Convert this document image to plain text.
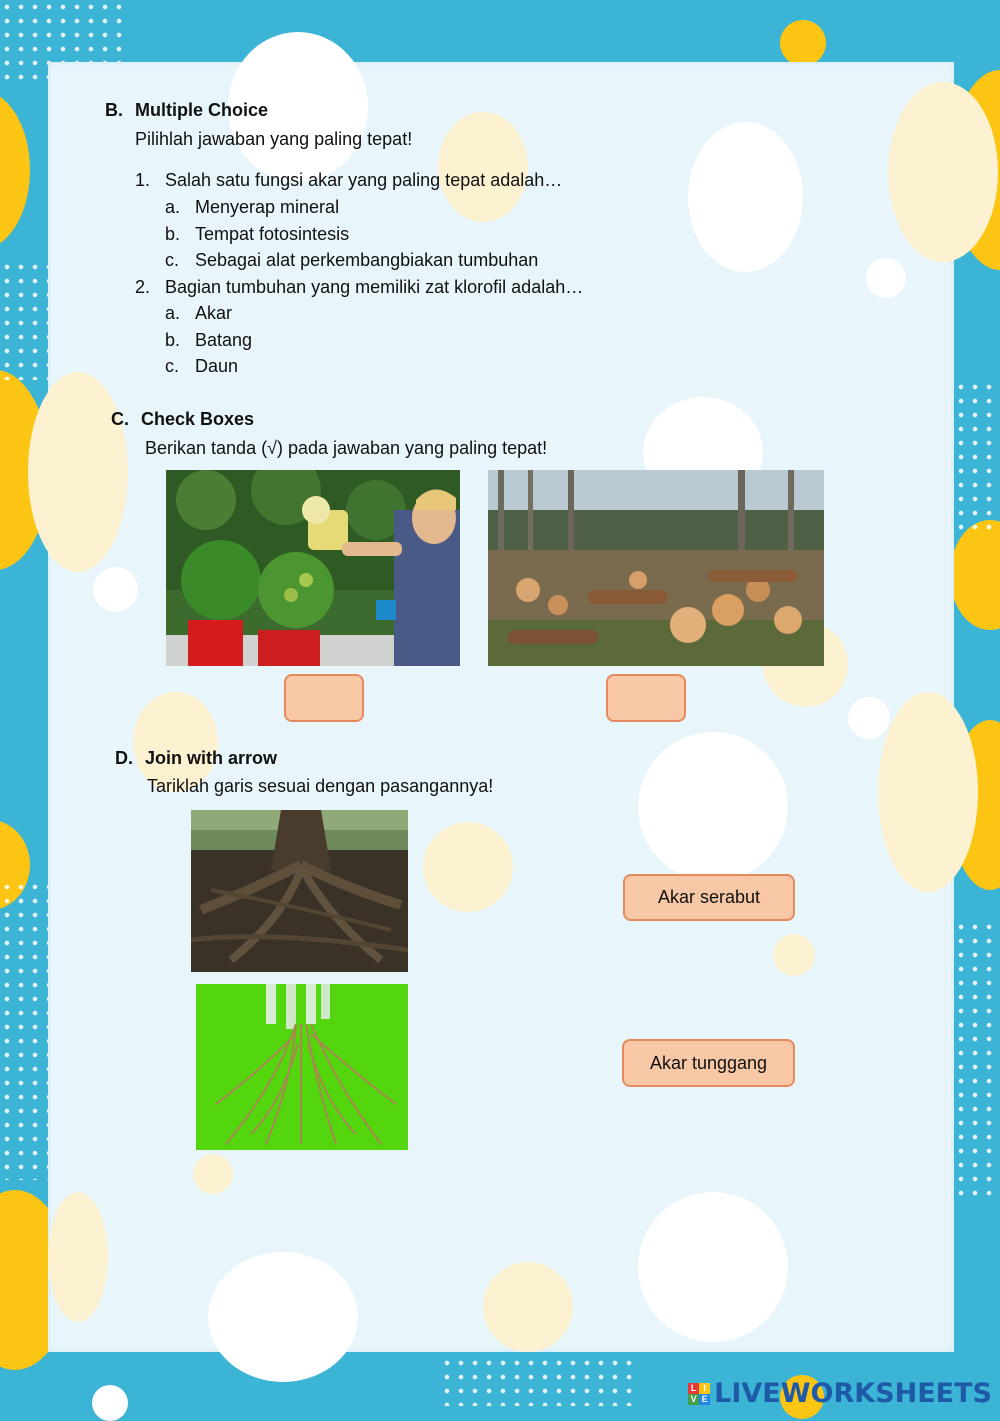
B. Multiple Choice
Pilihlah jawaban yang paling tepat!
1. Salah satu fungsi akar yang paling tepat adalah…
a. Menyerap mineral
b. Tempat fotosintesis
c. Sebagai alat perkembangbiakan tumbuhan
2. Bagian tumbuhan yang memiliki zat klorofil adalah…
a. Akar
b. Batang
c. Daun
C. Check Boxes
Berikan tanda (√) pada jawaban yang paling tepat!
D. Join with arrow
Tariklah garis sesuai dengan pasangannya!
Akar serabut
Akar tunggang
L I
V E LIVEWORKSHEETS
